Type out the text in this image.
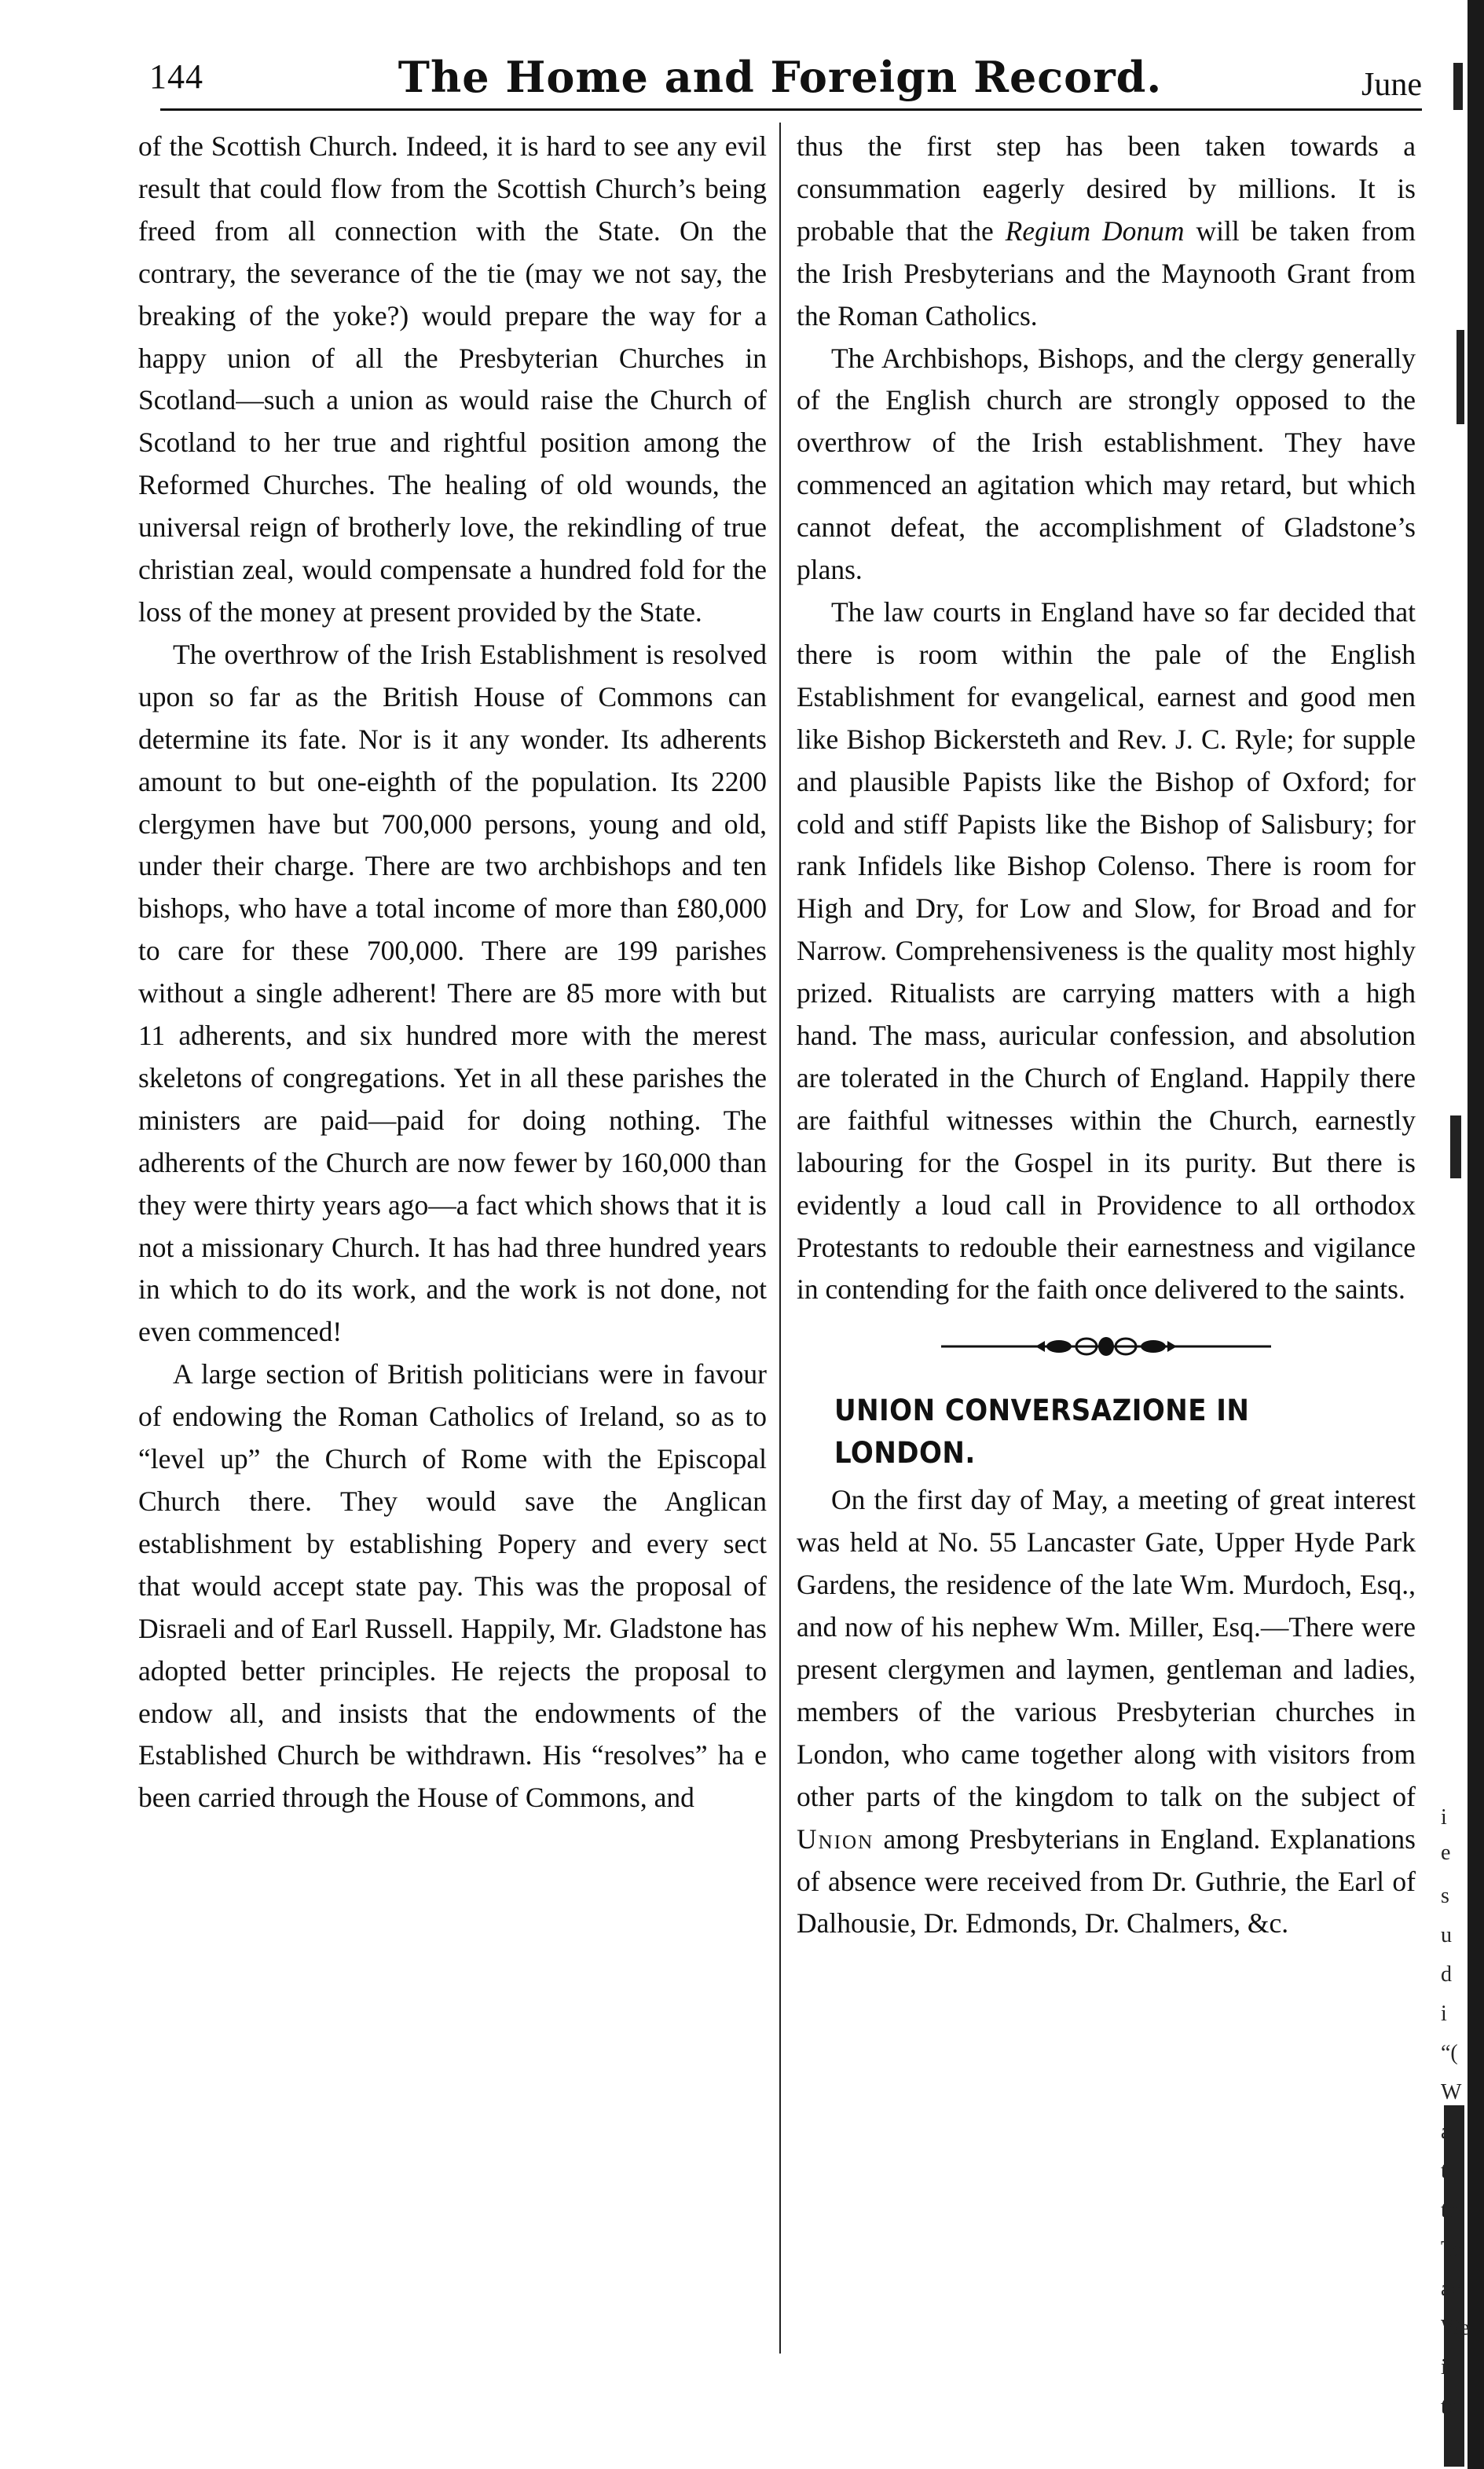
144	The Home and Foreign Record.	June

of the Scottish Church. Indeed, it is hard to see any evil result that could flow from the Scottish Church’s being freed from all connection with the State. On the contrary, the severance of the tie (may we not say, the breaking of the yoke?) would prepare the way for a happy union of all the Presbyterian Churches in Scotland—such a union as would raise the Church of Scotland to her true and rightful position among the Reformed Churches. The healing of old wounds, the universal reign of brotherly love, the rekindling of true christian zeal, would compensate a hundred fold for the loss of the money at present provided by the State.

The overthrow of the Irish Establishment is resolved upon so far as the British House of Commons can determine its fate. Nor is it any wonder. Its adherents amount to but one-eighth of the population. Its 2200 clergymen have but 700,000 persons, young and old, under their charge. There are two archbishops and ten bishops, who have a total income of more than £80,000 to care for these 700,000. There are 199 parishes without a single adherent! There are 85 more with but 11 adherents, and six hundred more with the merest skeletons of congregations. Yet in all these parishes the ministers are paid—paid for doing nothing. The adherents of the Church are now fewer by 160,000 than they were thirty years ago—a fact which shows that it is not a missionary Church. It has had three hundred years in which to do its work, and the work is not done, not even commenced!

A large section of British politicians were in favour of endowing the Roman Catholics of Ireland, so as to “level up” the Church of Rome with the Episcopal Church there. They would save the Anglican establishment by establishing Popery and every sect that would accept state pay. This was the proposal of Disraeli and of Earl Russell. Happily, Mr. Gladstone has adopted better principles. He rejects the proposal to endow all, and insists that the endowments of the Established Church be withdrawn. His “resolves” ha e been carried through the House of Commons, and

thus the first step has been taken towards a consummation eagerly desired by millions. It is probable that the Regium Donum will be taken from the Irish Presbyterians and the Maynooth Grant from the Roman Catholics.

The Archbishops, Bishops, and the clergy generally of the English church are strongly opposed to the overthrow of the Irish establishment. They have commenced an agitation which may retard, but which cannot defeat, the accomplishment of Gladstone’s plans.

The law courts in England have so far decided that there is room within the pale of the English Establishment for evangelical, earnest and good men like Bishop Bickersteth and Rev. J. C. Ryle; for supple and plausible Papists like the Bishop of Oxford; for cold and stiff Papists like the Bishop of Salisbury; for rank Infidels like Bishop Colenso. There is room for High and Dry, for Low and Slow, for Broad and for Narrow. Comprehensiveness is the quality most highly prized. Ritualists are carrying matters with a high hand. The mass, auricular confession, and absolution are tolerated in the Church of England. Happily there are faithful witnesses within the Church, earnestly labouring for the Gospel in its purity. But there is evidently a loud call in Providence to all orthodox Protestants to redouble their earnestness and vigilance in contending for the faith once delivered to the saints.

UNION CONVERSAZIONE IN LONDON.

On the first day of May, a meeting of great interest was held at No. 55 Lancaster Gate, Upper Hyde Park Gardens, the residence of the late Wm. Murdoch, Esq., and now of his nephew Wm. Miller, Esq.—There were present clergymen and laymen, gentleman and ladies, members of the various Presbyterian churches in London, who came together along with visitors from other parts of the kingdom to talk on the subject of Union among Presbyterians in England. Explanations of absence were received from Dr. Guthrie, the Earl of Dalhousie, Dr. Edmonds, Dr. Chalmers, &c.

i
e
s
u
d
i
“(
W
a
tt
tn
Te
ac
We
it
te
